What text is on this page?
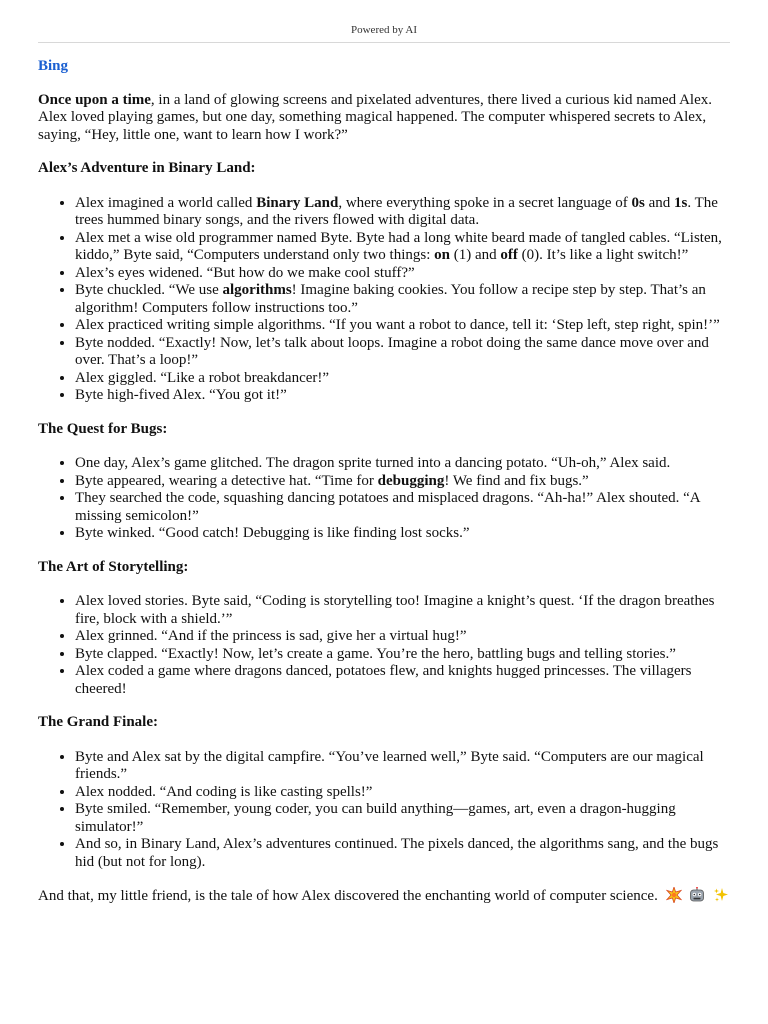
Powered by AI
Bing

Once upon a time, in a land of glowing screens and pixelated adventures, there lived a curious kid named Alex. Alex loved playing games, but one day, something magical happened. The computer whispered secrets to Alex, saying, “Hey, little one, want to learn how I work?”

Alex’s Adventure in Binary Land:
• Alex imagined a world called Binary Land, where everything spoke in a secret language of 0s and 1s. The trees hummed binary songs, and the rivers flowed with digital data.
• Alex met a wise old programmer named Byte. Byte had a long white beard made of tangled cables. “Listen, kiddo,” Byte said, “Computers understand only two things: on (1) and off (0). It’s like a light switch!”
• Alex’s eyes widened. “But how do we make cool stuff?”
• Byte chuckled. “We use algorithms! Imagine baking cookies. You follow a recipe step by step. That’s an algorithm! Computers follow instructions too.”
• Alex practiced writing simple algorithms. “If you want a robot to dance, tell it: ‘Step left, step right, spin!’”
• Byte nodded. “Exactly! Now, let’s talk about loops. Imagine a robot doing the same dance move over and over. That’s a loop!”
• Alex giggled. “Like a robot breakdancer!”
• Byte high-fived Alex. “You got it!”
The Quest for Bugs:
• One day, Alex’s game glitched. The dragon sprite turned into a dancing potato. “Uh-oh,” Alex said.
• Byte appeared, wearing a detective hat. “Time for debugging! We find and fix bugs.”
• They searched the code, squashing dancing potatoes and misplaced dragons. “Ah-ha!” Alex shouted. “A missing semicolon!”
• Byte winked. “Good catch! Debugging is like finding lost socks.”
The Art of Storytelling:
• Alex loved stories. Byte said, “Coding is storytelling too! Imagine a knight’s quest. ‘If the dragon breathes fire, block with a shield.’”
• Alex grinned. “And if the princess is sad, give her a virtual hug!”
• Byte clapped. “Exactly! Now, let’s create a game. You’re the hero, battling bugs and telling stories.”
• Alex coded a game where dragons danced, potatoes flew, and knights hugged princesses. The villagers cheered!
The Grand Finale:
• Byte and Alex sat by the digital campfire. “You’ve learned well,” Byte said. “Computers are our magical friends.”
• Alex nodded. “And coding is like casting spells!”
• Byte smiled. “Remember, young coder, you can build anything—games, art, even a dragon-hugging simulator!”
• And so, in Binary Land, Alex’s adventures continued. The pixels danced, the algorithms sang, and the bugs hid (but not for long).

And that, my little friend, is the tale of how Alex discovered the enchanting world of computer science.
